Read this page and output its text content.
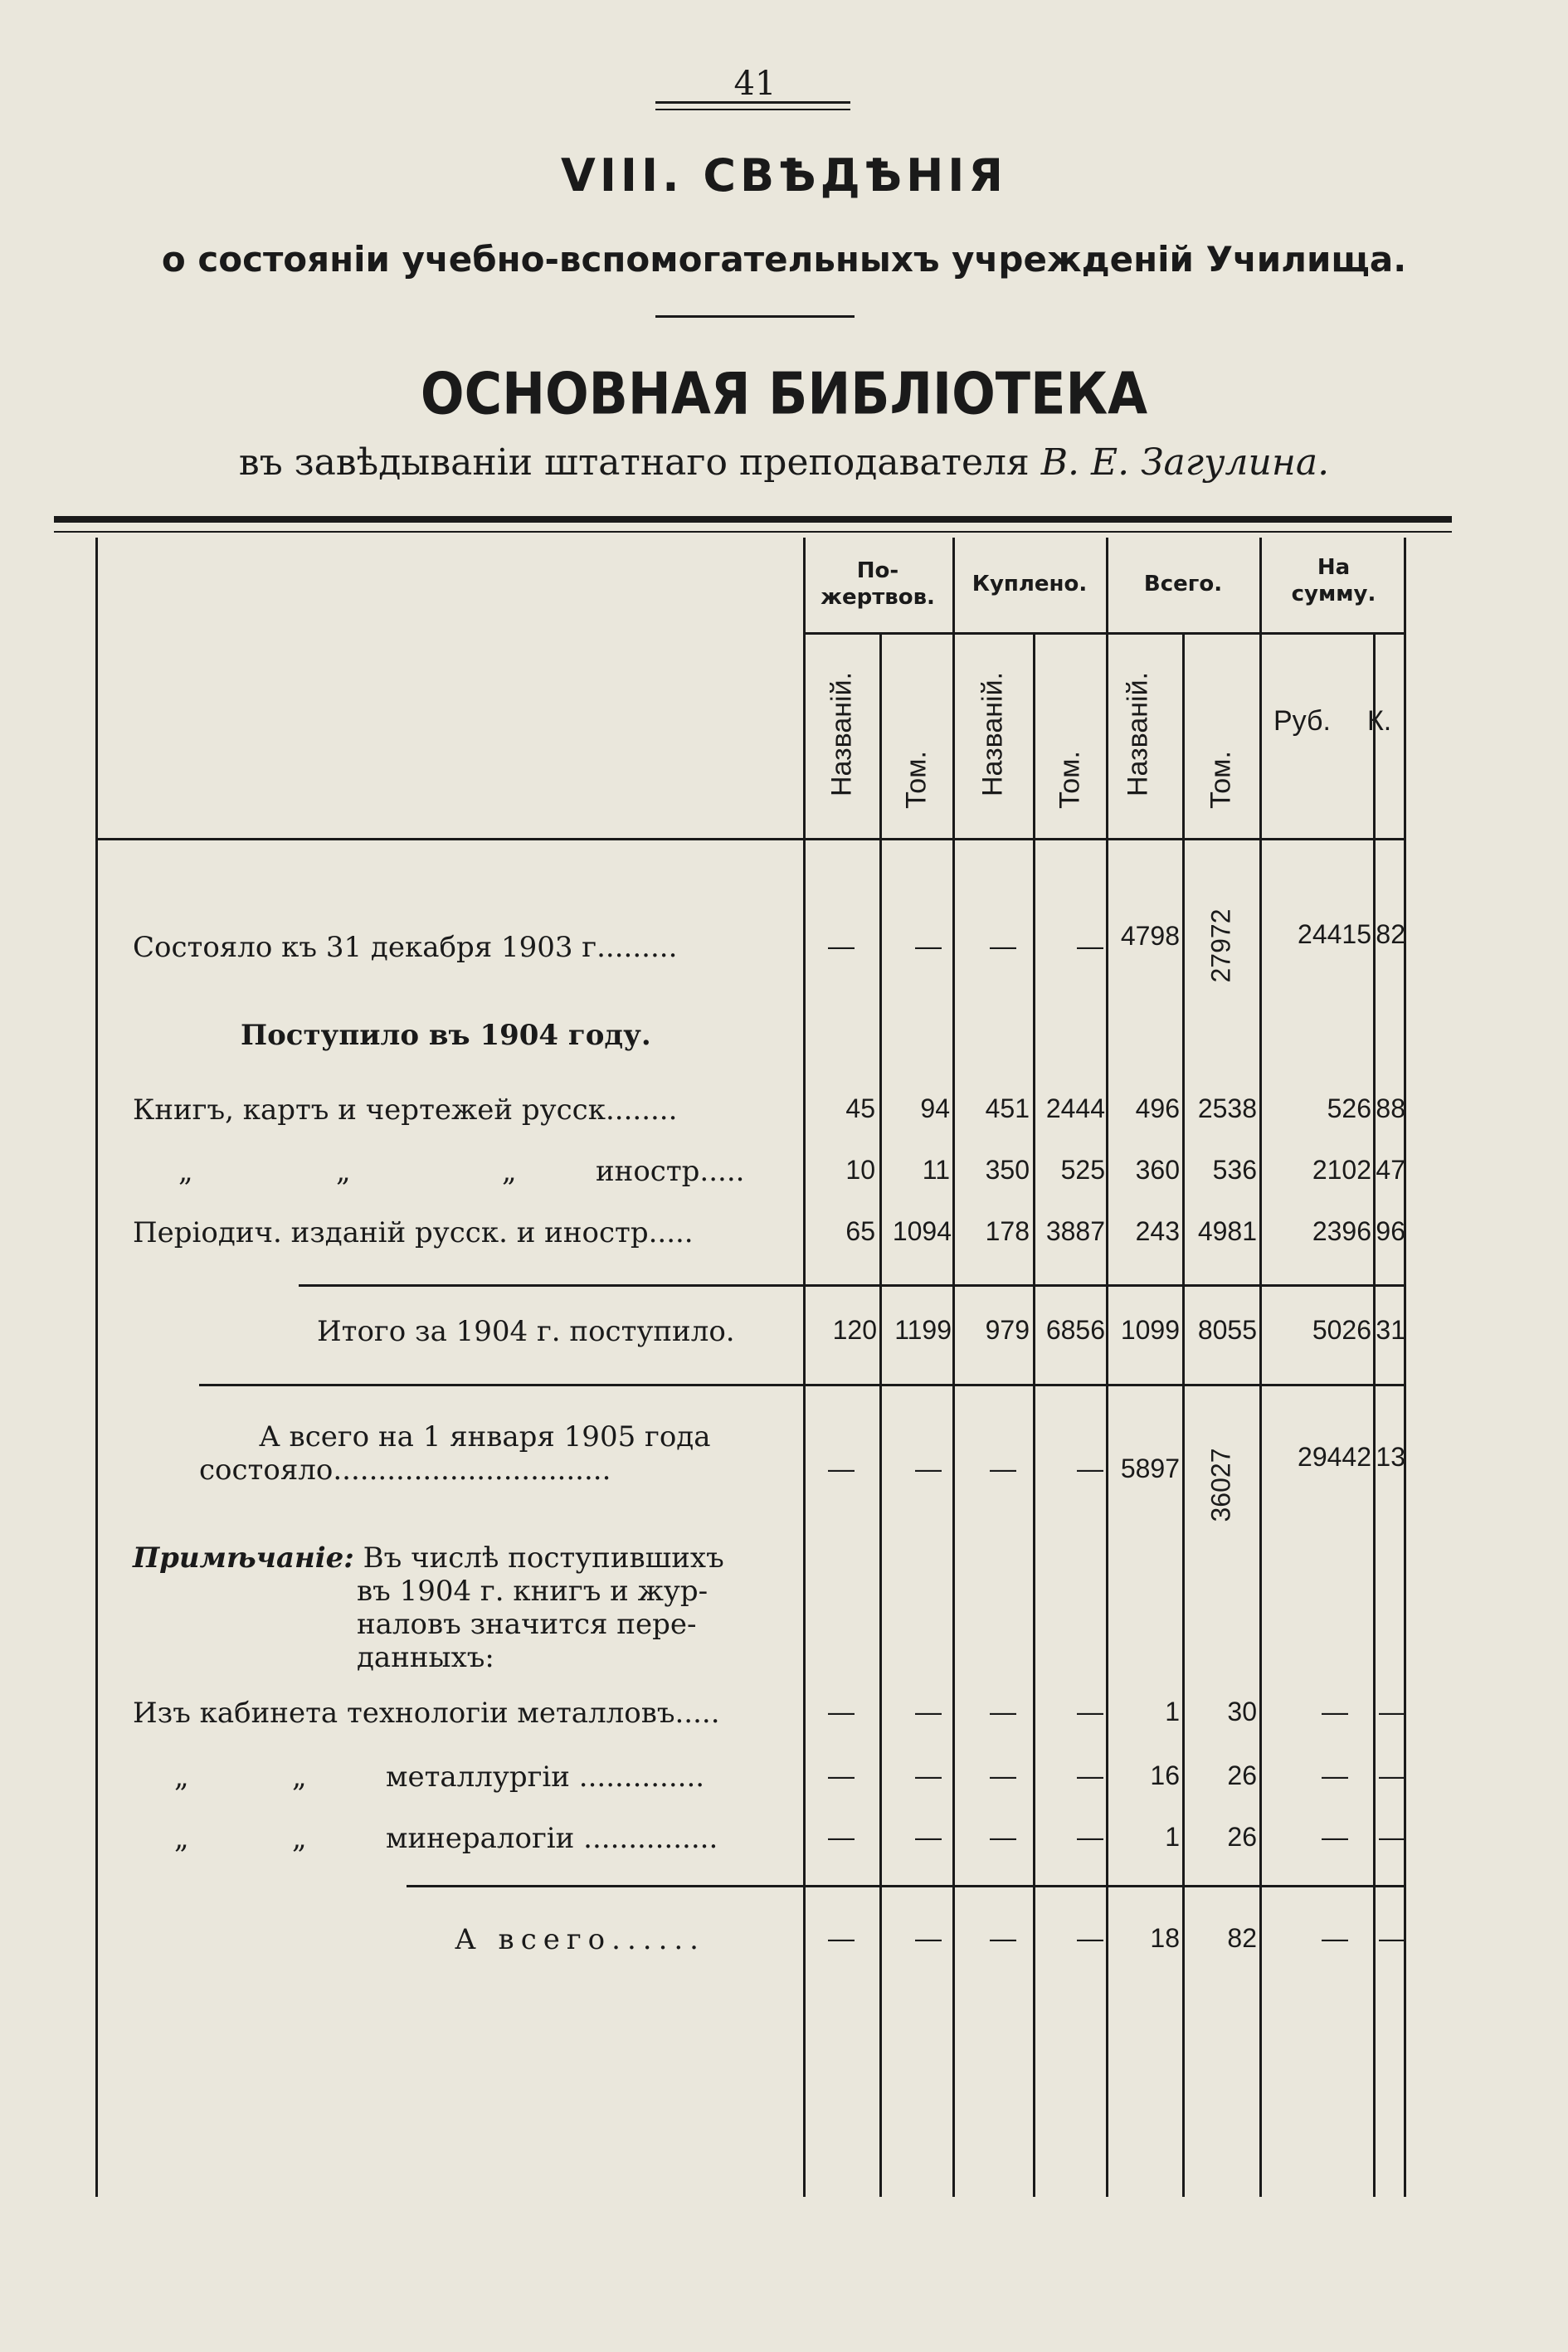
41
VIII. СВѢДѢНІЯ
о состояніи учебно-вспомогательныхъ учрежденій Училища.
ОСНОВНАЯ БИБЛІОТЕКА
въ завѣдываніи штатнаго преподавателя В. Е. Загулина.
По-жертвов.
Куплено.	Всего.
На сумму.
Названій. Том. Названій. Том. Названій. Том.
Руб. К.
Состояло къ 31 декабря 1903 г.........	—	—	—	— 4798 27972	24415 82
Поступило въ 1904 году.
Книгъ, картъ и чертежей русск........	45	94	451 2444	496 2538	526 88
„	„	„	иностр.....	10	11	350	525	360	536	2102 47
Періодич. изданій русск. и иностр.....	65 1094	178 3887	243 4981	2396 96
Итого за 1904 г. поступило.	120 1199	979 6856 1099 8055	5026 31
А всего на 1 января 1905 года
состояло...............................	—	—	—	— 5897 36027	29442 13
Примѣчаніе: Въ числѣ поступившихъ
въ 1904 г. книгъ и жур-
наловъ значится пере-
данныхъ:
Изъ кабинета технологіи металловъ.....	—	—	—	—	1	30	— —
„	„	металлургіи ..............	—	—	—	—	16	26	— —
„	„	минералогіи ...............	—	—	—	—	1	26	— —
А всего......	—	—	—	—	18	82	— —
